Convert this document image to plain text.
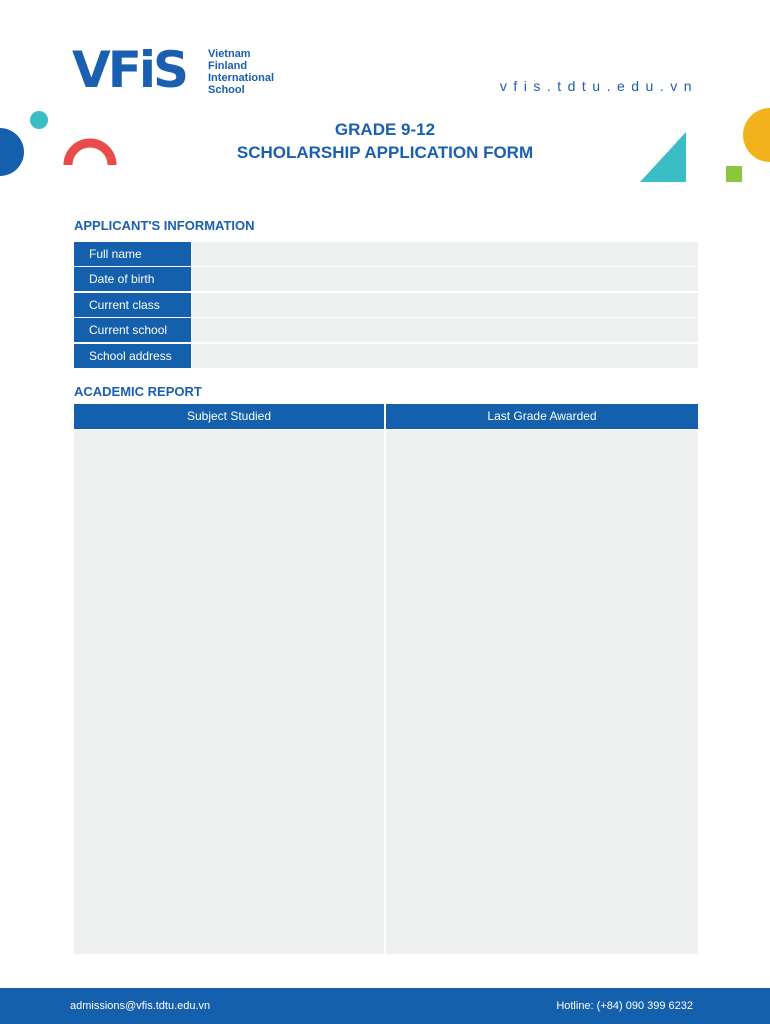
VFiS Vietnam
Finland
International
School	vfis.tdtu.edu.vn
GRADE 9-12
SCHOLARSHIP APPLICATION FORM
APPLICANT'S INFORMATION
Full name
Date of birth
Current class
Current school
School address
ACADEMIC REPORT
Subject Studied	Last Grade Awarded
admissions@vfis.tdtu.edu.vn	Hotline: (+84) 090 399 6232
